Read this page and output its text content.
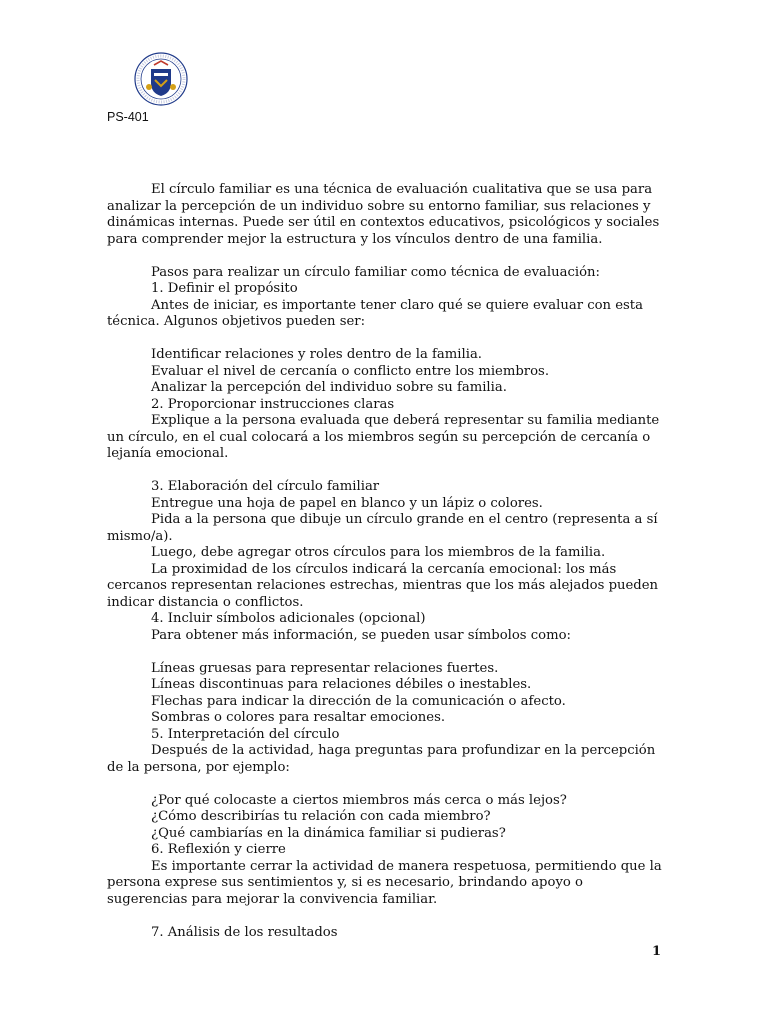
PS-401

El círculo familiar es una técnica de evaluación cualitativa que se usa para analizar la percepción de un individuo sobre su entorno familiar, sus relaciones y dinámicas internas. Puede ser útil en contextos educativos, psicológicos y sociales para comprender mejor la estructura y los vínculos dentro de una familia.

Pasos para realizar un círculo familiar como técnica de evaluación:

1. Definir el propósito

Antes de iniciar, es importante tener claro qué se quiere evaluar con esta técnica. Algunos objetivos pueden ser:

Identificar relaciones y roles dentro de la familia.

Evaluar el nivel de cercanía o conflicto entre los miembros.

Analizar la percepción del individuo sobre su familia.

2. Proporcionar instrucciones claras

Explique a la persona evaluada que deberá representar su familia mediante un círculo, en el cual colocará a los miembros según su percepción de cercanía o lejanía emocional.

3. Elaboración del círculo familiar

Entregue una hoja de papel en blanco y un lápiz o colores.

Pida a la persona que dibuje un círculo grande en el centro (representa a sí mismo/a).

Luego, debe agregar otros círculos para los miembros de la familia.

La proximidad de los círculos indicará la cercanía emocional: los más cercanos representan relaciones estrechas, mientras que los más alejados pueden indicar distancia o conflictos.

4. Incluir símbolos adicionales (opcional)

Para obtener más información, se pueden usar símbolos como:

Líneas gruesas para representar relaciones fuertes.

Líneas discontinuas para relaciones débiles o inestables.

Flechas para indicar la dirección de la comunicación o afecto.

Sombras o colores para resaltar emociones.

5. Interpretación del círculo

Después de la actividad, haga preguntas para profundizar en la percepción de la persona, por ejemplo:

¿Por qué colocaste a ciertos miembros más cerca o más lejos?

¿Cómo describirías tu relación con cada miembro?

¿Qué cambiarías en la dinámica familiar si pudieras?

6. Reflexión y cierre

Es importante cerrar la actividad de manera respetuosa, permitiendo que la persona exprese sus sentimientos y, si es necesario, brindando apoyo o sugerencias para mejorar la convivencia familiar.

7. Análisis de los resultados

1
